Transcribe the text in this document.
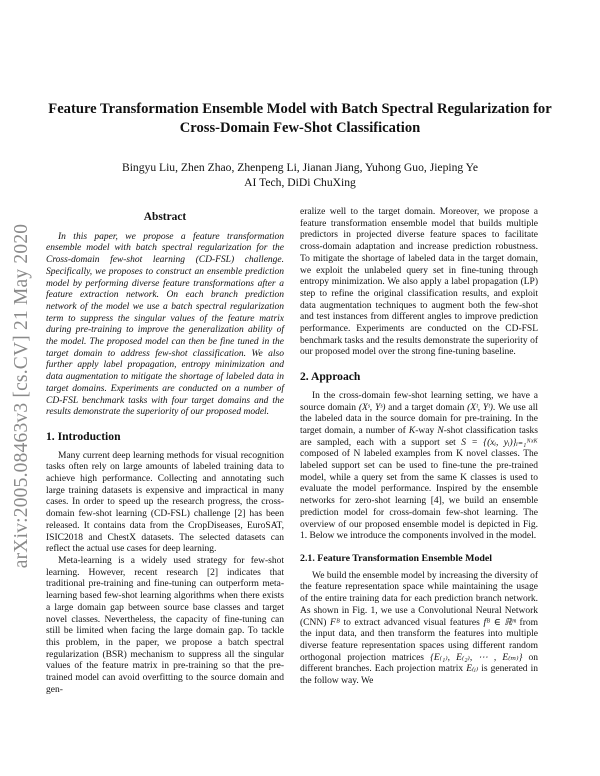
arXiv:2005.08463v3 [cs.CV] 21 May 2020
Feature Transformation Ensemble Model with Batch Spectral Regularization for
Cross-Domain Few-Shot Classification
Bingyu Liu, Zhen Zhao, Zhenpeng Li, Jianan Jiang, Yuhong Guo, Jieping Ye
AI Tech, DiDi ChuXing
Abstract

In this paper, we propose a feature transformation ensemble model with batch spectral regularization for the Cross-domain few-shot learning (CD-FSL) challenge. Specifically, we proposes to construct an ensemble prediction model by performing diverse feature transformations after a feature extraction network. On each branch prediction network of the model we use a batch spectral regularization term to suppress the singular values of the feature matrix during pre-training to improve the generalization ability of the model. The proposed model can then be fine tuned in the target domain to address few-shot classification. We also further apply label propagation, entropy minimization and data augmentation to mitigate the shortage of labeled data in target domains. Experiments are conducted on a number of CD-FSL benchmark tasks with four target domains and the results demonstrate the superiority of our proposed model.

1. Introduction

Many current deep learning methods for visual recognition tasks often rely on large amounts of labeled training data to achieve high performance. Collecting and annotating such large training datasets is expensive and impractical in many cases. In order to speed up the research progress, the cross-domain few-shot learning (CD-FSL) challenge [2] has been released. It contains data from the CropDiseases, EuroSAT, ISIC2018 and ChestX datasets. The selected datasets can reflect the actual use cases for deep learning.

Meta-learning is a widely used strategy for few-shot learning. However, recent research [2] indicates that traditional pre-training and fine-tuning can outperform meta-learning based few-shot learning algorithms when there exists a large domain gap between source base classes and target novel classes. Nevertheless, the capacity of fine-tuning can still be limited when facing the large domain gap. To tackle this problem, in the paper, we propose a batch spectral regularization (BSR) mechanism to suppress all the singular values of the feature matrix in pre-training so that the pre-trained model can avoid overfitting to the source domain and gen-

eralize well to the target domain. Moreover, we propose a feature transformation ensemble model that builds multiple predictors in projected diverse feature spaces to facilitate cross-domain adaptation and increase prediction robustness. To mitigate the shortage of labeled data in the target domain, we exploit the unlabeled query set in fine-tuning through entropy minimization. We also apply a label propagation (LP) step to refine the original classification results, and exploit data augmentation techniques to augment both the few-shot and test instances from different angles to improve prediction performance. Experiments are conducted on the CD-FSL benchmark tasks and the results demonstrate the superiority of our proposed model over the strong fine-tuning baseline.

2. Approach

In the cross-domain few-shot learning setting, we have a source domain (Xˢ, Yˢ) and a target domain (Xᵗ, Yᵗ). We use all the labeled data in the source domain for pre-training. In the target domain, a number of K-way N-shot classification tasks are sampled, each with a support set S = {(xᵢ, yᵢ)}ᵢ₌₁ᴺˣᴷ composed of N labeled examples from K novel classes. The labeled support set can be used to fine-tune the pre-trained model, while a query set from the same K classes is used to evaluate the model performance. Inspired by the ensemble networks for zero-shot learning [4], we build an ensemble prediction model for cross-domain few-shot learning. The overview of our proposed ensemble model is depicted in Fig. 1. Below we introduce the components involved in the model.

2.1. Feature Transformation Ensemble Model

We build the ensemble model by increasing the diversity of the feature representation space while maintaining the usage of the entire training data for each prediction branch network. As shown in Fig. 1, we use a Convolutional Neural Network (CNN) Fᴮ to extract advanced visual features fᴮ ∈ ℝᵐ from the input data, and then transform the features into multiple diverse feature representation spaces using different random orthogonal projection matrices {E₍₁₎, E₍₂₎, ⋯ , E₍ₘ₎} on different branches. Each projection matrix E₍ᵢ₎ is generated in the follow way. We
